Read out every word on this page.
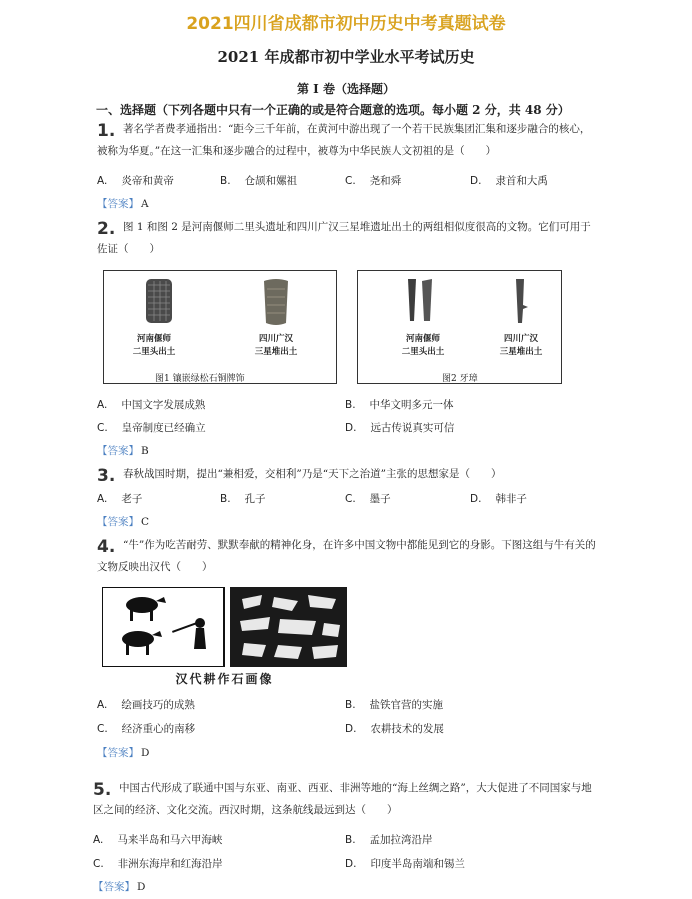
2021四川省成都市初中历史中考真题试卷
2021 年成都市初中学业水平考试历史
第 I 卷（选择题）
一、选择题（下列各题中只有一个正确的或是符合题意的选项。每小题 2 分，共 48 分）
1. 著名学者费孝通指出：“距今三千年前，在黄河中游出现了一个若干民族集团汇集和逐步融合的核心，被称为华夏。”在这一汇集和逐步融合的过程中，被尊为中华民族人文初祖的是（　　）
A. 炎帝和黄帝	B. 仓颉和嫘祖	C. 尧和舜	D. 隶首和大禹
【答案】 A
2. 图 1 和图 2 是河南偃师二里头遗址和四川广汉三星堆遗址出土的两组相似度很高的文物。它们可用于佐证（　　）
河南偃师
二里头出土
四川广汉
三星堆出土
图1 镶嵌绿松石铜牌饰
河南偃师
二里头出土
四川广汉
三星堆出土
图2 牙璋
A. 中国文字发展成熟	B. 中华文明多元一体
C. 皇帝制度已经确立	D. 远古传说真实可信
【答案】 B
3. 春秋战国时期，提出“兼相爱，交相利”乃是“天下之治道”主张的思想家是（　　）
A. 老子	B. 孔子	C. 墨子	D. 韩非子
【答案】 C
4. “牛”作为吃苦耐劳、默默奉献的精神化身，在许多中国文物中都能见到它的身影。下图这组与牛有关的文物反映出汉代（　　）
汉代耕作石画像
A. 绘画技巧的成熟	B. 盐铁官营的实施
C. 经济重心的南移	D. 农耕技术的发展
【答案】 D
5. 中国古代形成了联通中国与东亚、南亚、西亚、非洲等地的“海上丝绸之路”，大大促进了不同国家与地区之间的经济、文化交流。西汉时期，这条航线最远到达（　　）
A. 马来半岛和马六甲海峡	B. 孟加拉湾沿岸
C. 非洲东海岸和红海沿岸	D. 印度半岛南端和锡兰
【答案】 D
